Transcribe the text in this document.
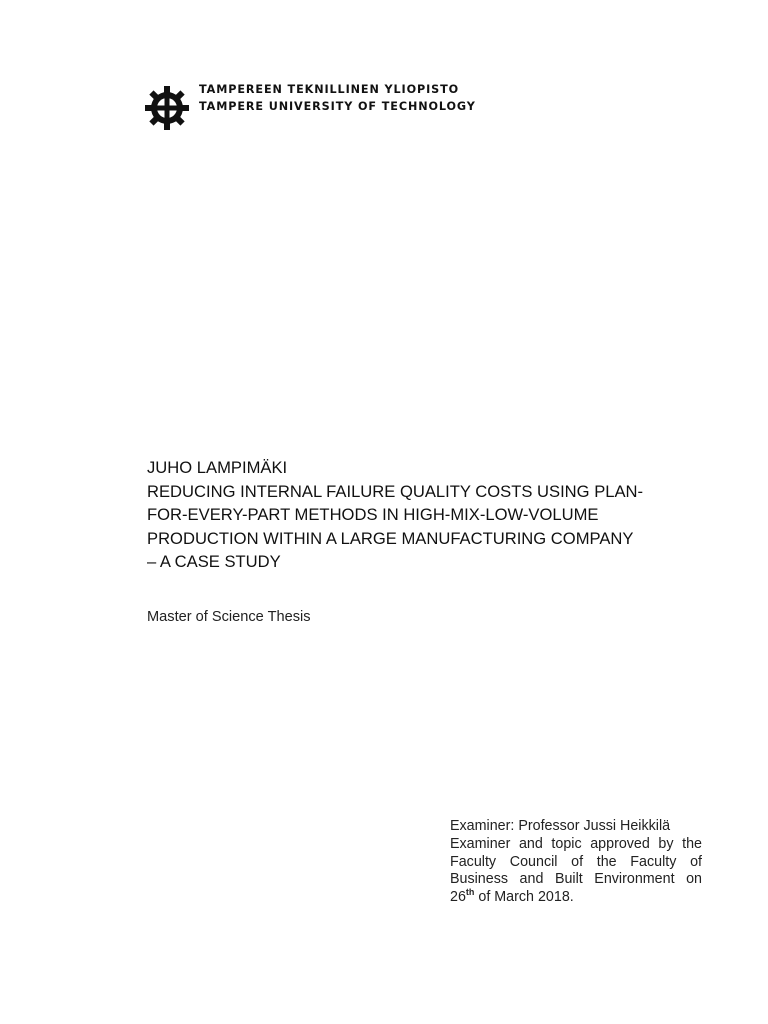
TAMPEREEN TEKNILLINEN YLIOPISTO
TAMPERE UNIVERSITY OF TECHNOLOGY
JUHO LAMPIMÄKI
REDUCING INTERNAL FAILURE QUALITY COSTS USING PLAN-
FOR-EVERY-PART METHODS IN HIGH-MIX-LOW-VOLUME
PRODUCTION WITHIN A LARGE MANUFACTURING COMPANY
– A CASE STUDY
Master of Science Thesis
Examiner: Professor Jussi Heikkilä
Examiner and topic approved by the
Faculty Council of the Faculty of
Business and Built Environment on
26th of March 2018.
